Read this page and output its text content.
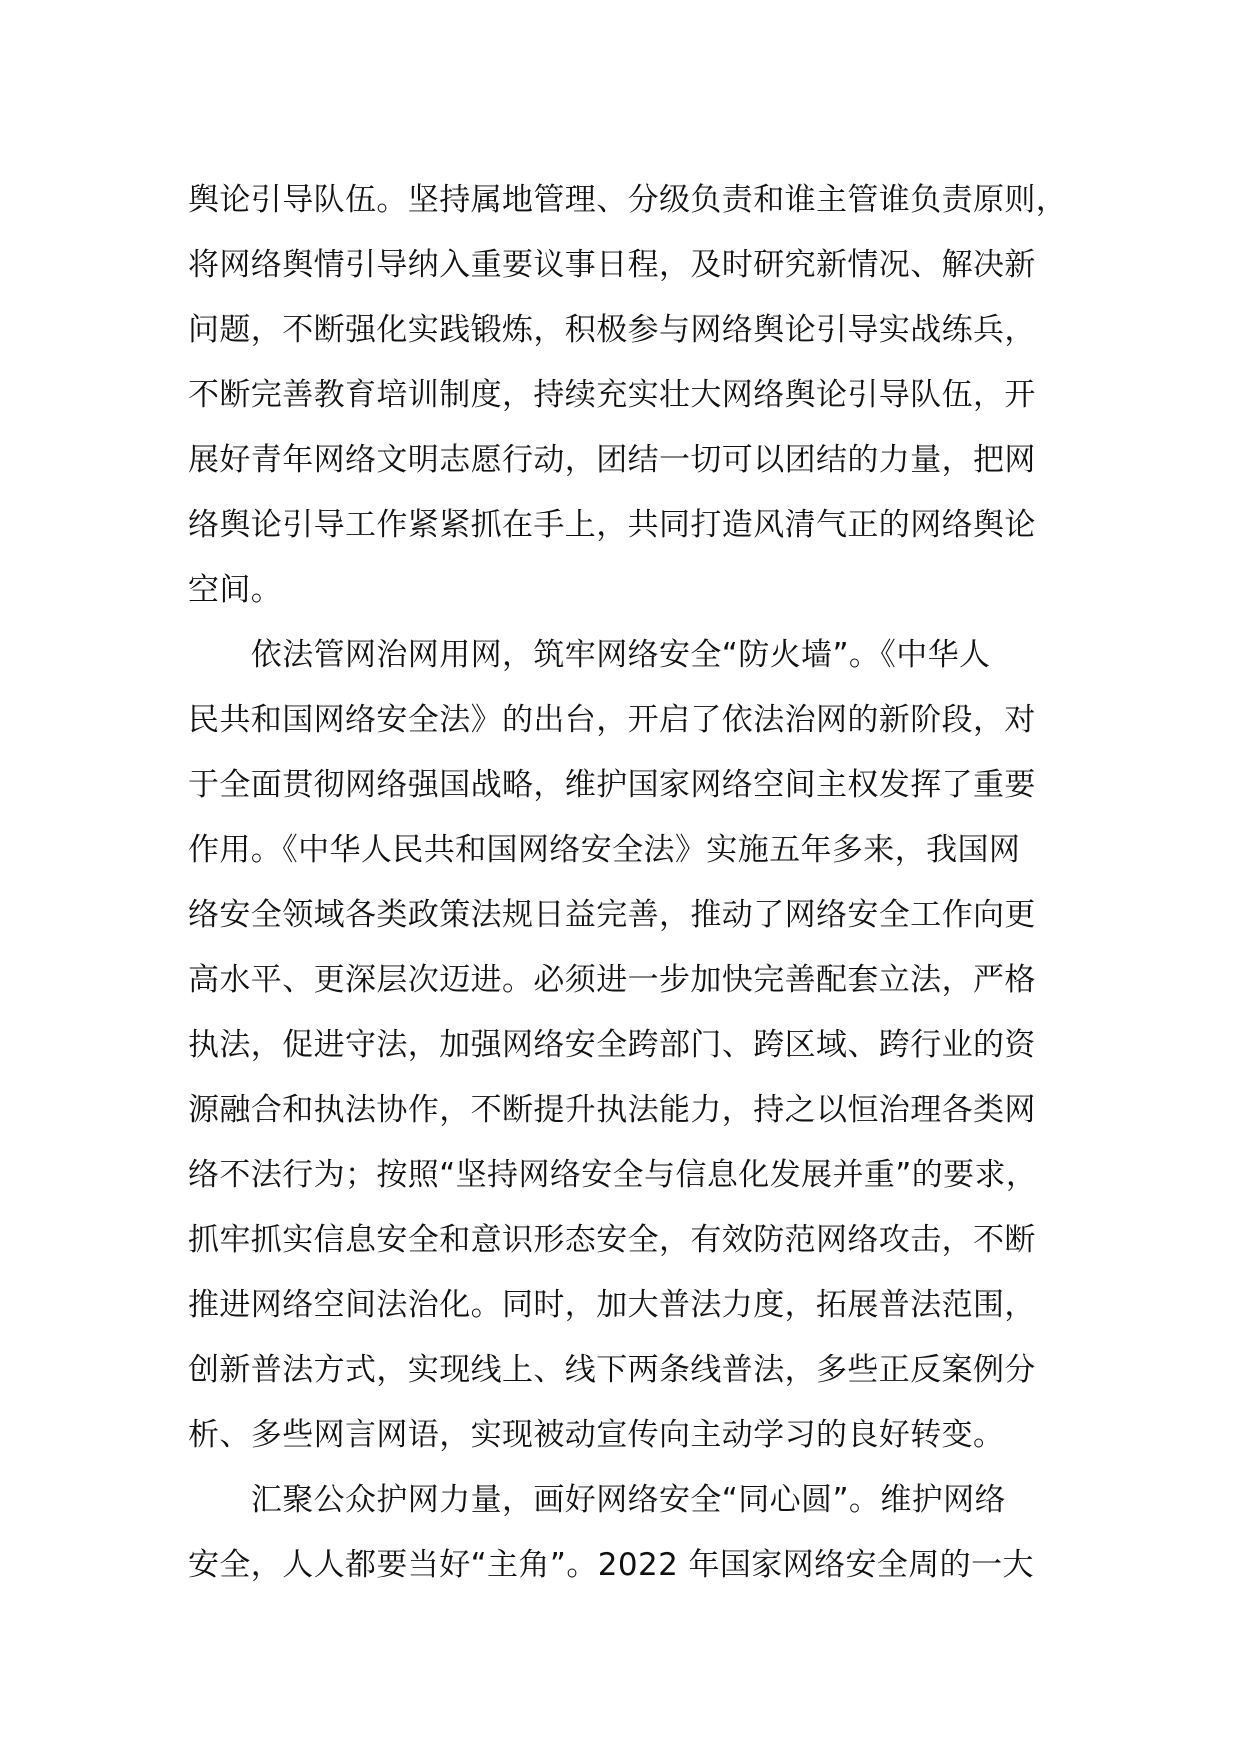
舆论引导队伍。坚持属地管理、分级负责和谁主管谁负责原则，
将网络舆情引导纳入重要议事日程，及时研究新情况、解决新
问题，不断强化实践锻炼，积极参与网络舆论引导实战练兵，
不断完善教育培训制度，持续充实壮大网络舆论引导队伍，开
展好青年网络文明志愿行动，团结一切可以团结的力量，把网
络舆论引导工作紧紧抓在手上，共同打造风清气正的网络舆论
空间。
　　依法管网治网用网，筑牢网络安全“防火墙”。《中华人
民共和国网络安全法》的出台，开启了依法治网的新阶段，对
于全面贯彻网络强国战略，维护国家网络空间主权发挥了重要
作用。《中华人民共和国网络安全法》实施五年多来，我国网
络安全领域各类政策法规日益完善，推动了网络安全工作向更
高水平、更深层次迈进。必须进一步加快完善配套立法，严格
执法，促进守法，加强网络安全跨部门、跨区域、跨行业的资
源融合和执法协作，不断提升执法能力，持之以恒治理各类网
络不法行为；按照“坚持网络安全与信息化发展并重”的要求，
抓牢抓实信息安全和意识形态安全，有效防范网络攻击，不断
推进网络空间法治化。同时，加大普法力度，拓展普法范围，
创新普法方式，实现线上、线下两条线普法，多些正反案例分
析、多些网言网语，实现被动宣传向主动学习的良好转变。
　　汇聚公众护网力量，画好网络安全“同心圆”。维护网络
安全，人人都要当好“主角”。2022 年国家网络安全周的一大
